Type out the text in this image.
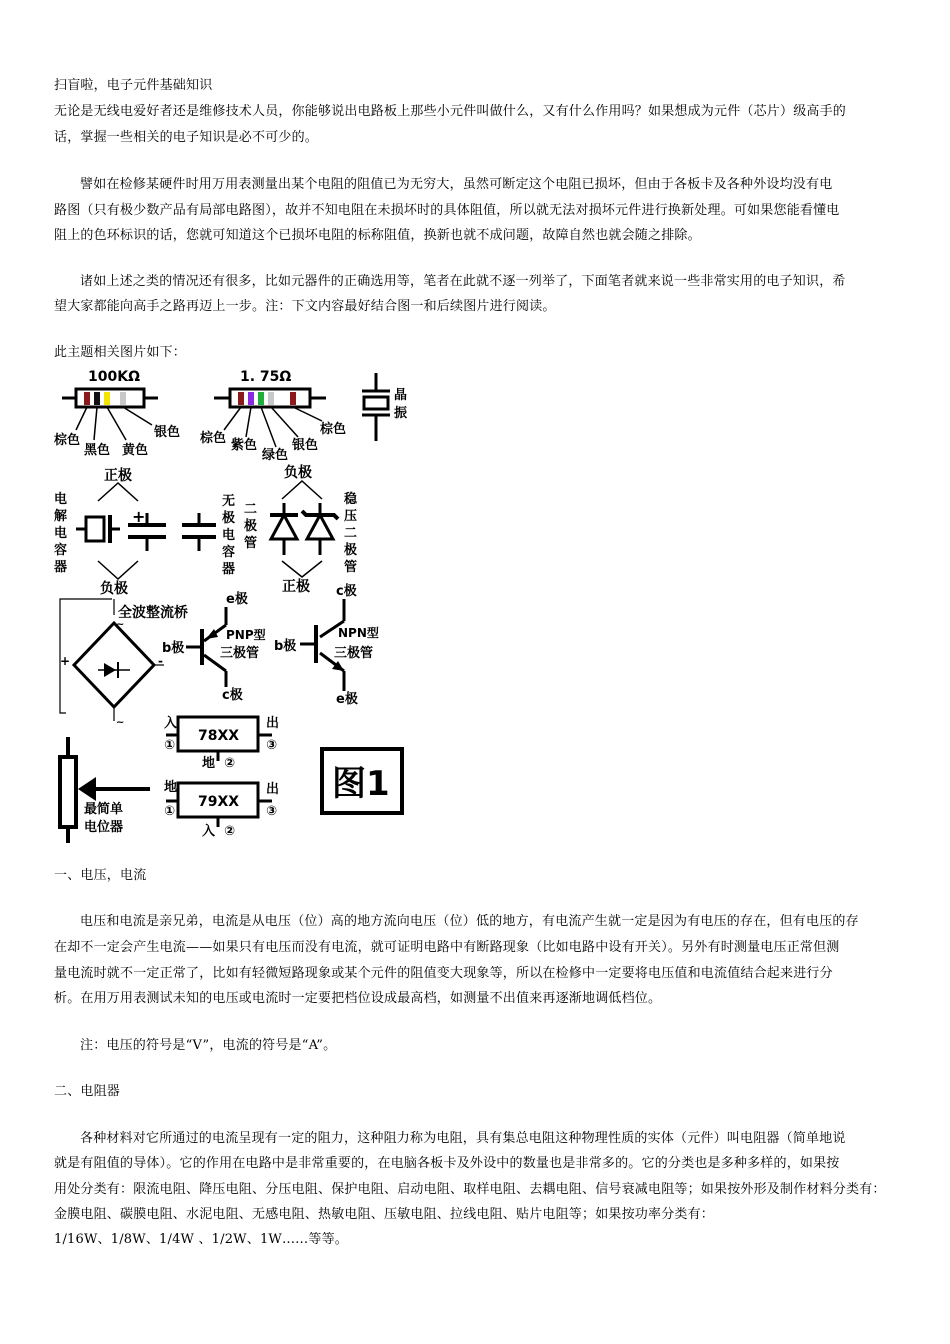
扫盲啦，电子元件基础知识
无论是无线电爱好者还是维修技术人员，你能够说出电路板上那些小元件叫做什么，又有什么作用吗？如果想成为元件（芯片）级高手的
话，掌握一些相关的电子知识是必不可少的。
譬如在检修某硬件时用万用表测量出某个电阻的阻值已为无穷大，虽然可断定这个电阻已损坏，但由于各板卡及各种外设均没有电
路图（只有极少数产品有局部电路图），故并不知电阻在未损坏时的具体阻值，所以就无法对损坏元件进行换新处理。可如果您能看懂电
阻上的色环标识的话，您就可知道这个已损坏电阻的标称阻值，换新也就不成问题，故障自然也就会随之排除。
诸如上述之类的情况还有很多，比如元器件的正确选用等，笔者在此就不逐一列举了，下面笔者就来说一些非常实用的电子知识，希
望大家都能向高手之路再迈上一步。注：下文内容最好结合图一和后续图片进行阅读。
此主题相关图片如下：
100KΩ
棕色
黑色 黄色
银色
1. 75Ω
棕色 紫色
绿色
银色
棕色
晶
振
正极
电
解
电
容
器
+
负极
无
极
电
容
器
负极
二
极
管
正极
稳
压
二
极
管
全波整流桥
~
~
+	-
e极
b极
PNP型
三极管
c极
c极
b极
NPN型
三极管
e极
入
①
78XX
出
③
地 ②
地
①
79XX
出
③
入 ②
最简单
电位器
图1
一、电压，电流
电压和电流是亲兄弟，电流是从电压（位）高的地方流向电压（位）低的地方，有电流产生就一定是因为有电压的存在，但有电压的存
在却不一定会产生电流——如果只有电压而没有电流，就可证明电路中有断路现象（比如电路中设有开关）。另外有时测量电压正常但测
量电流时就不一定正常了，比如有轻微短路现象或某个元件的阻值变大现象等，所以在检修中一定要将电压值和电流值结合起来进行分
析。在用万用表测试未知的电压或电流时一定要把档位设成最高档，如测量不出值来再逐渐地调低档位。
注：电压的符号是“V”，电流的符号是“A”。
二、电阻器
各种材料对它所通过的电流呈现有一定的阻力，这种阻力称为电阻，具有集总电阻这种物理性质的实体（元件）叫电阻器（简单地说
就是有阻值的导体）。它的作用在电路中是非常重要的，在电脑各板卡及外设中的数量也是非常多的。它的分类也是多种多样的，如果按
用处分类有：限流电阻、降压电阻、分压电阻、保护电阻、启动电阻、取样电阻、去耦电阻、信号衰减电阻等；如果按外形及制作材料分类有：
金膜电阻、碳膜电阻、水泥电阻、无感电阻、热敏电阻、压敏电阻、拉线电阻、贴片电阻等；如果按功率分类有：
1/16W、1/8W、1/4W 、1/2W、1W……等等。
